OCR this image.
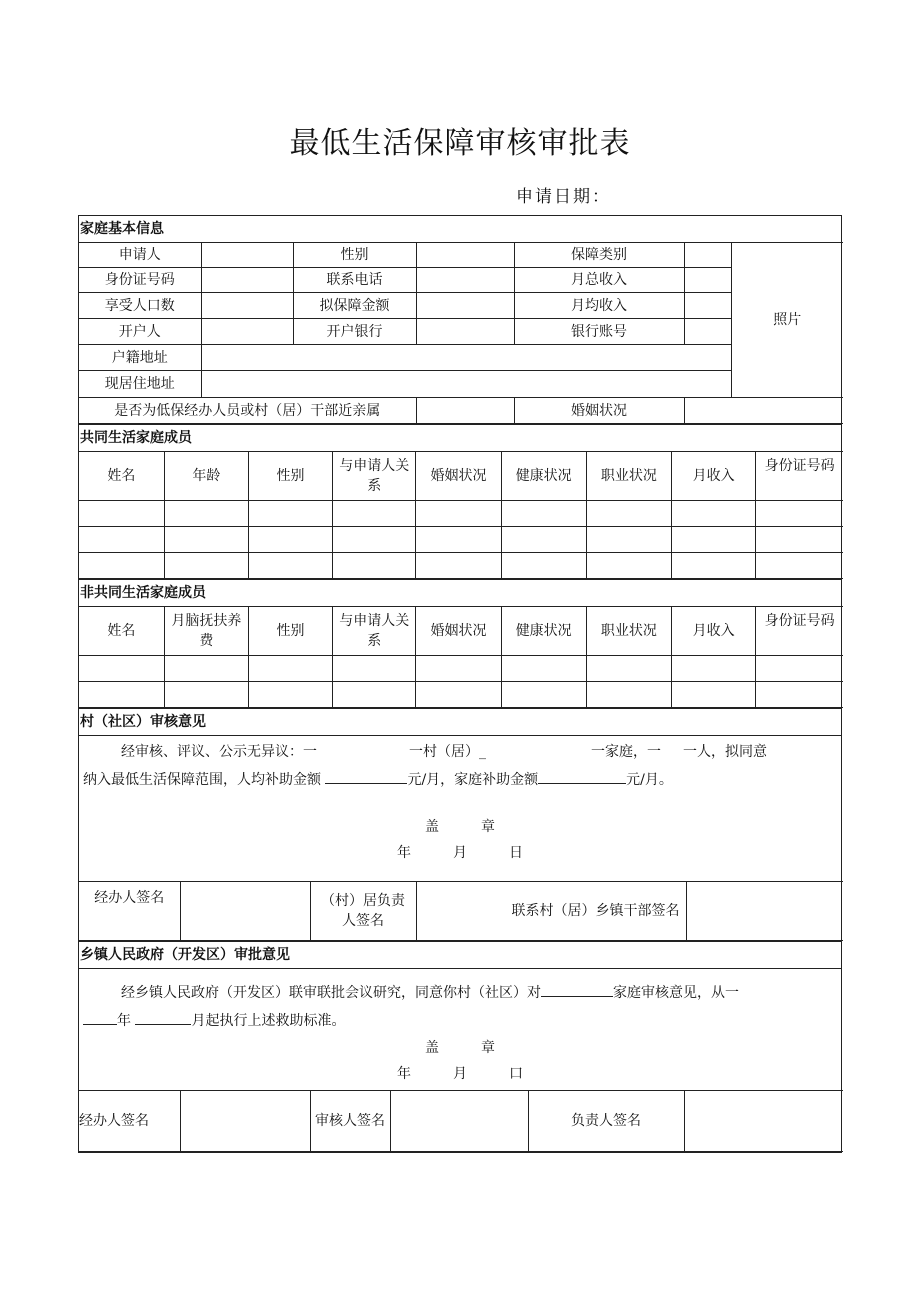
最低生活保障审核审批表
申请日期：
家庭基本信息
申请人		性别		保障类别		照片
身份证号码		联系电话		月总收入		
享受人口数		拟保障金额		月均收入		
开户人		开户银行		银行账号		
户籍地址						
现居住地址						
是否为低保经办人员或村（居）干部近亲属				婚姻状况		
共同生活家庭成员
姓名	年龄	性别	与申请人关系	婚姻状况	健康状况	职业状况	月收入	身份证号码

非共同生活家庭成员
姓名	月脑抚扶养费	性别	与申请人关系	婚姻状况	健康状况	职业状况	月收入	身份证号码

村（社区）审核意见
经审核、评议、公示无异议：一	一村（居）_	一家庭，一 一人，拟同意
纳入最低生活保障范围，人均补助金额	元/月，家庭补助金额	元/月。
盖　　　章
年　　　月　　　日
经办人签名		（村）居负责人签名	联系村（居）乡镇干部签名	
乡镇人民政府（开发区）审批意见
经乡镇人民政府（开发区）联审联批会议研究，同意你村（社区）对	家庭审核意见，从一
年	月起执行上述救助标准。
盖　　　章
年　　　月　　　口
经办人签名		审核人签名		负责人签名	
